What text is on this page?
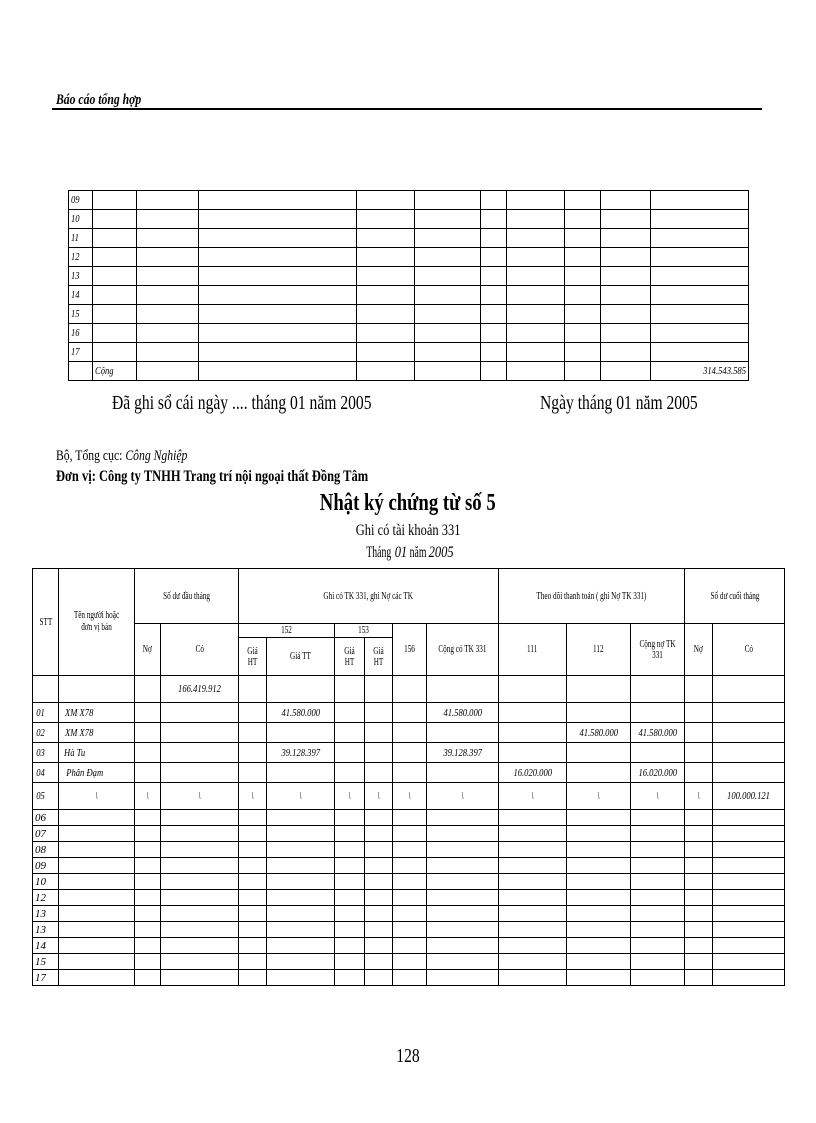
Báo cáo tổng hợp
09										
10										
11										
12										
13										
14										
15										
16										
17										
	Cộng									314.543.585
Đã ghi sổ cái ngày .... tháng 01 năm 2005	Ngày tháng 01 năm 2005
Bộ, Tổng cục: Công Nghiệp
Đơn vị: Công ty TNHH Trang trí nội ngoại thất Đồng Tâm
Nhật ký chứng từ số 5
Ghi có tài khoản 331
Tháng01năm2005
STT	Tên người hoặc đơn vị bán	Số dư đầu tháng		Ghi có TK 331, ghi Nợ các TK						Theo dõi thanh toán ( ghi Nợ TK 331)			Số dư cuối tháng	
		Nợ	Có	152		153		156	Cộng có TK 331	111	112	Cộng nợ TK 331	Nợ	Có
				Giá HT	Giá TT	Giá HT	Giá HT							
			166.419.912											
01	XM X78				41.580.000				41.580.000					
02	XM X78										41.580.000	41.580.000		
03	Hà Tu				39.128.397				39.128.397					
04	Phân Đạm									16.020.000		16.020.000		
05	\	\	\	\	\	\	\	\	\	\	\	\	\	100.000.121
06														
07														
08														
09														
10														
12														
13														
13														
14														
15														
17														
128
